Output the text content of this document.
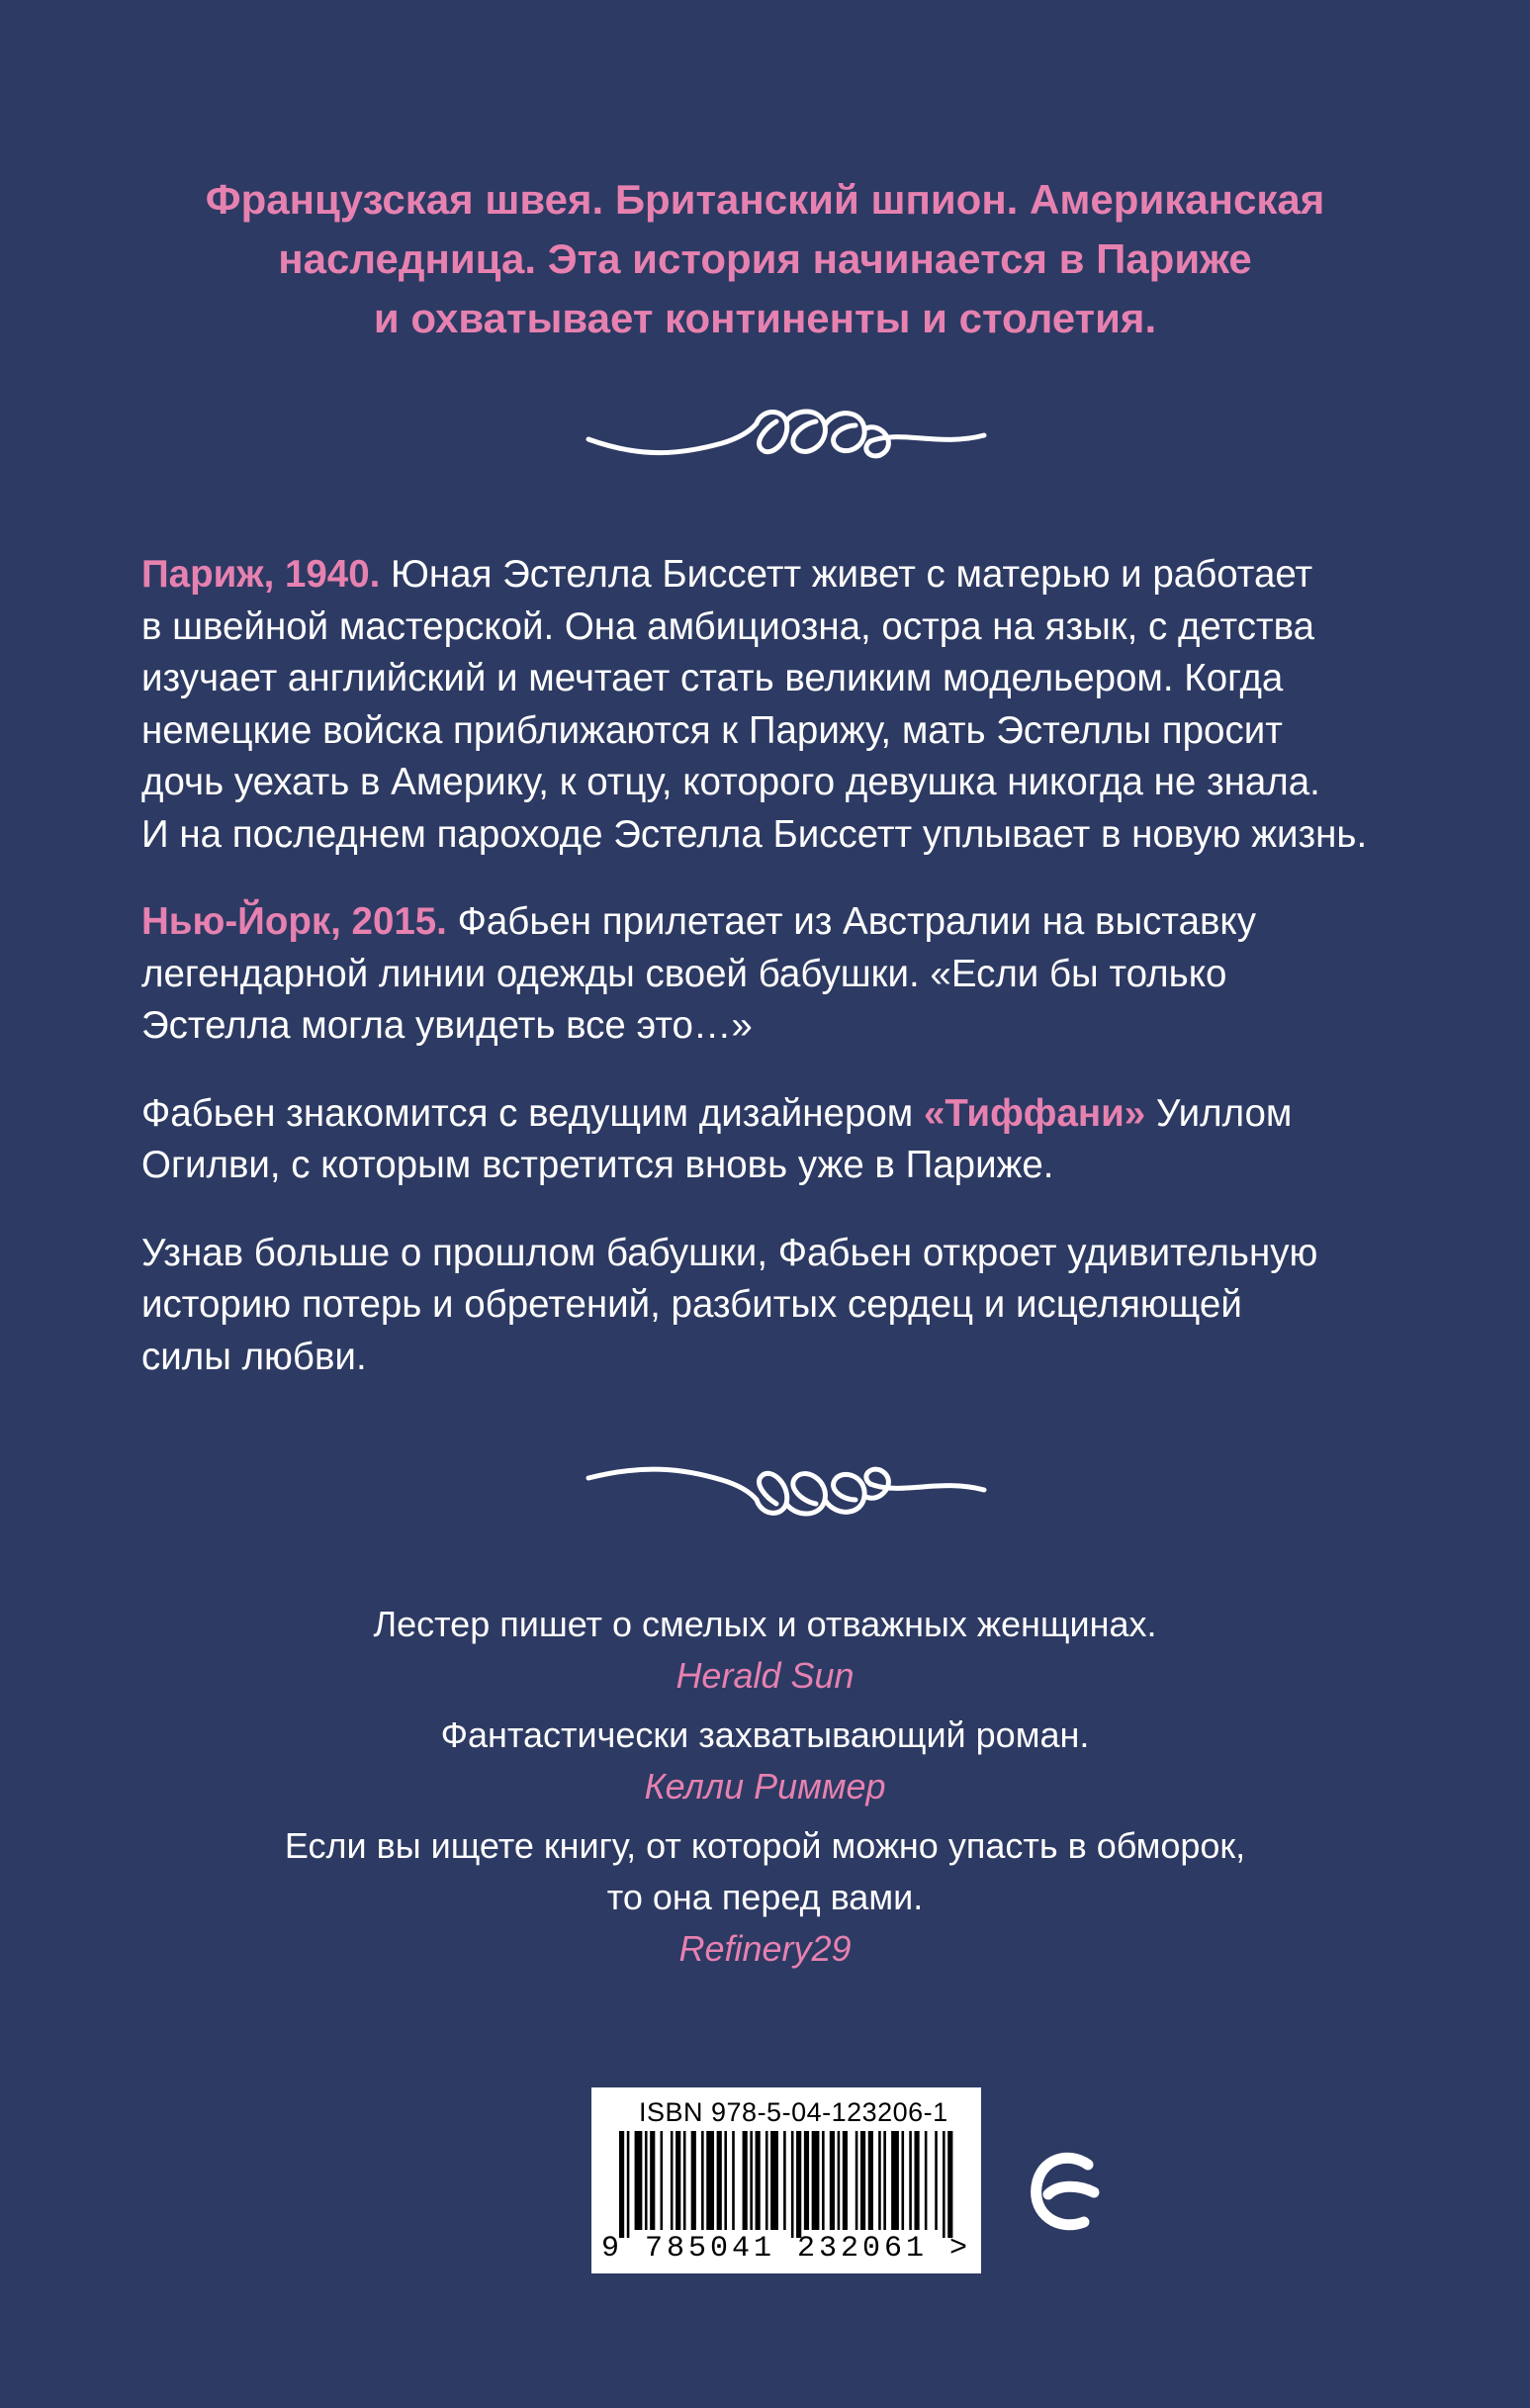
Французская швея. Британский шпион. Американская
наследница. Эта история начинается в Париже
и охватывает континенты и столетия.

Париж, 1940. Юная Эстелла Биссетт живет с матерью и работает
в швейной мастерской. Она амбициозна, остра на язык, с детства
изучает английский и мечтает стать великим модельером. Когда
немецкие войска приближаются к Парижу, мать Эстеллы просит
дочь уехать в Америку, к отцу, которого девушка никогда не знала.
И на последнем пароходе Эстелла Биссетт уплывает в новую жизнь.

Нью-Йорк, 2015. Фабьен прилетает из Австралии на выставку
легендарной линии одежды своей бабушки. «Если бы только
Эстелла могла увидеть все это…»

Фабьен знакомится с ведущим дизайнером «Тиффани» Уиллом
Огилви, с которым встретится вновь уже в Париже.

Узнав больше о прошлом бабушки, Фабьен откроет удивительную
историю потерь и обретений, разбитых сердец и исцеляющей
силы любви.

Лестер пишет о смелых и отважных женщинах.
Herald Sun
Фантастически захватывающий роман.
Келли Риммер
Если вы ищете книгу, от которой можно упасть в обморок,
то она перед вами.
Refinery29
ISBN 978-5-04-123206-1
9 785041 232061 >
